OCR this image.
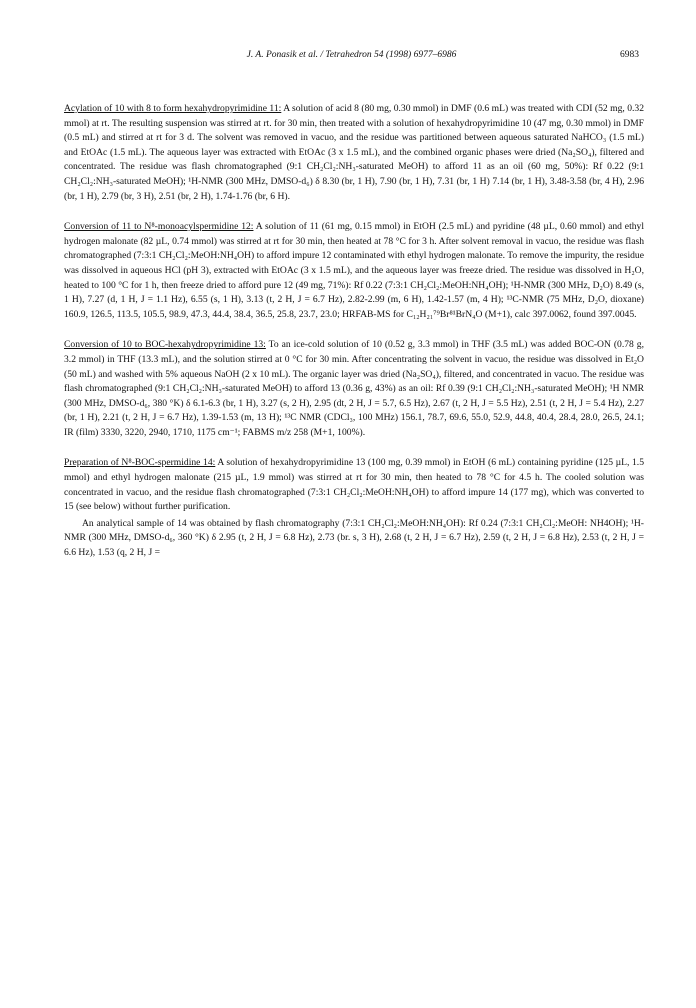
J. A. Ponasik et al. / Tetrahedron 54 (1998) 6977–6986	6983

Acylation of 10 with 8 to form hexahydropyrimidine 11: A solution of acid 8 (80 mg, 0.30 mmol) in DMF (0.6 mL) was treated with CDI (52 mg, 0.32 mmol) at rt. The resulting suspension was stirred at rt. for 30 min, then treated with a solution of hexahydropyrimidine 10 (47 mg, 0.30 mmol) in DMF (0.5 mL) and stirred at rt for 3 d. The solvent was removed in vacuo, and the residue was partitioned between aqueous saturated NaHCO₃ (1.5 mL) and EtOAc (1.5 mL). The aqueous layer was extracted with EtOAc (3 x 1.5 mL), and the combined organic phases were dried (Na₂SO₄), filtered and concentrated. The residue was flash chromatographed (9:1 CH₂Cl₂:NH₃-saturated MeOH) to afford 11 as an oil (60 mg, 50%): Rf 0.22 (9:1 CH₂Cl₂:NH₃-saturated MeOH); ¹H-NMR (300 MHz, DMSO-d₆) δ 8.30 (br, 1 H), 7.90 (br, 1 H), 7.31 (br, 1 H) 7.14 (br, 1 H), 3.48-3.58 (br, 4 H), 2.96 (br, 1 H), 2.79 (br, 3 H), 2.51 (br, 2 H), 1.74-1.76 (br, 6 H).

Conversion of 11 to N⁸-monoacylspermidine 12: A solution of 11 (61 mg, 0.15 mmol) in EtOH (2.5 mL) and pyridine (48 µL, 0.60 mmol) and ethyl hydrogen malonate (82 µL, 0.74 mmol) was stirred at rt for 30 min, then heated at 78 °C for 3 h. After solvent removal in vacuo, the residue was flash chromatographed (7:3:1 CH₂Cl₂:MeOH:NH₄OH) to afford impure 12 contaminated with ethyl hydrogen malonate. To remove the impurity, the residue was dissolved in aqueous HCl (pH 3), extracted with EtOAc (3 x 1.5 mL), and the aqueous layer was freeze dried. The residue was dissolved in H₂O, heated to 100 °C for 1 h, then freeze dried to afford pure 12 (49 mg, 71%): Rf 0.22 (7:3:1 CH₂Cl₂:MeOH:NH₄OH); ¹H-NMR (300 MHz, D₂O) 8.49 (s, 1 H), 7.27 (d, 1 H, J = 1.1 Hz), 6.55 (s, 1 H), 3.13 (t, 2 H, J = 6.7 Hz), 2.82-2.99 (m, 6 H), 1.42-1.57 (m, 4 H); ¹³C-NMR (75 MHz, D₂O, dioxane) 160.9, 126.5, 113.5, 105.5, 98.9, 47.3, 44.4, 38.4, 36.5, 25.8, 23.7, 23.0; HRFAB-MS for C₁₂H₂₁⁷⁹Br⁸¹BrN₄O (M+1), calc 397.0062, found 397.0045.

Conversion of 10 to BOC-hexahydropyrimidine 13: To an ice-cold solution of 10 (0.52 g, 3.3 mmol) in THF (3.5 mL) was added BOC-ON (0.78 g, 3.2 mmol) in THF (13.3 mL), and the solution stirred at 0 °C for 30 min. After concentrating the solvent in vacuo, the residue was dissolved in Et₂O (50 mL) and washed with 5% aqueous NaOH (2 x 10 mL). The organic layer was dried (Na₂SO₄), filtered, and concentrated in vacuo. The residue was flash chromatographed (9:1 CH₂Cl₂:NH₃-saturated MeOH) to afford 13 (0.36 g, 43%) as an oil: Rf 0.39 (9:1 CH₂Cl₂:NH₃-saturated MeOH); ¹H NMR (300 MHz, DMSO-d₆, 380 °K) δ 6.1-6.3 (br, 1 H), 3.27 (s, 2 H), 2.95 (dt, 2 H, J = 5.7, 6.5 Hz), 2.67 (t, 2 H, J = 5.5 Hz), 2.51 (t, 2 H, J = 5.4 Hz), 2.27 (br, 1 H), 2.21 (t, 2 H, J = 6.7 Hz), 1.39-1.53 (m, 13 H); ¹³C NMR (CDCl₃, 100 MHz) 156.1, 78.7, 69.6, 55.0, 52.9, 44.8, 40.4, 28.4, 28.0, 26.5, 24.1; IR (film) 3330, 3220, 2940, 1710, 1175 cm⁻¹; FABMS m/z 258 (M+1, 100%).

Preparation of N⁸-BOC-spermidine 14: A solution of hexahydropyrimidine 13 (100 mg, 0.39 mmol) in EtOH (6 mL) containing pyridine (125 µL, 1.5 mmol) and ethyl hydrogen malonate (215 µL, 1.9 mmol) was stirred at rt for 30 min, then heated to 78 °C for 4.5 h. The cooled solution was concentrated in vacuo, and the residue flash chromatographed (7:3:1 CH₂Cl₂:MeOH:NH₄OH) to afford impure 14 (177 mg), which was converted to 15 (see below) without further purification.

An analytical sample of 14 was obtained by flash chromatography (7:3:1 CH₂Cl₂:MeOH:NH₄OH): Rf 0.24 (7:3:1 CH₂Cl₂:MeOH: NH4OH); ¹H-NMR (300 MHz, DMSO-d₆, 360 °K) δ 2.95 (t, 2 H, J = 6.8 Hz), 2.73 (br. s, 3 H), 2.68 (t, 2 H, J = 6.7 Hz), 2.59 (t, 2 H, J = 6.8 Hz), 2.53 (t, 2 H, J = 6.6 Hz), 1.53 (q, 2 H, J =
